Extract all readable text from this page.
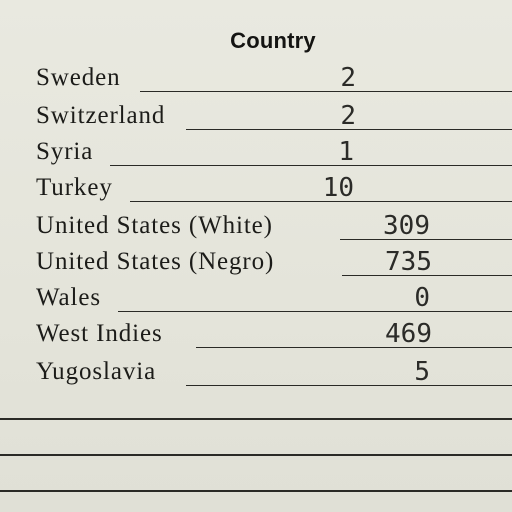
Country
Sweden	2
Switzerland	2
Syria	1
Turkey	10
United States (White)	309
United States (Negro)	735
Wales	0
West Indies	469
Yugoslavia	5
